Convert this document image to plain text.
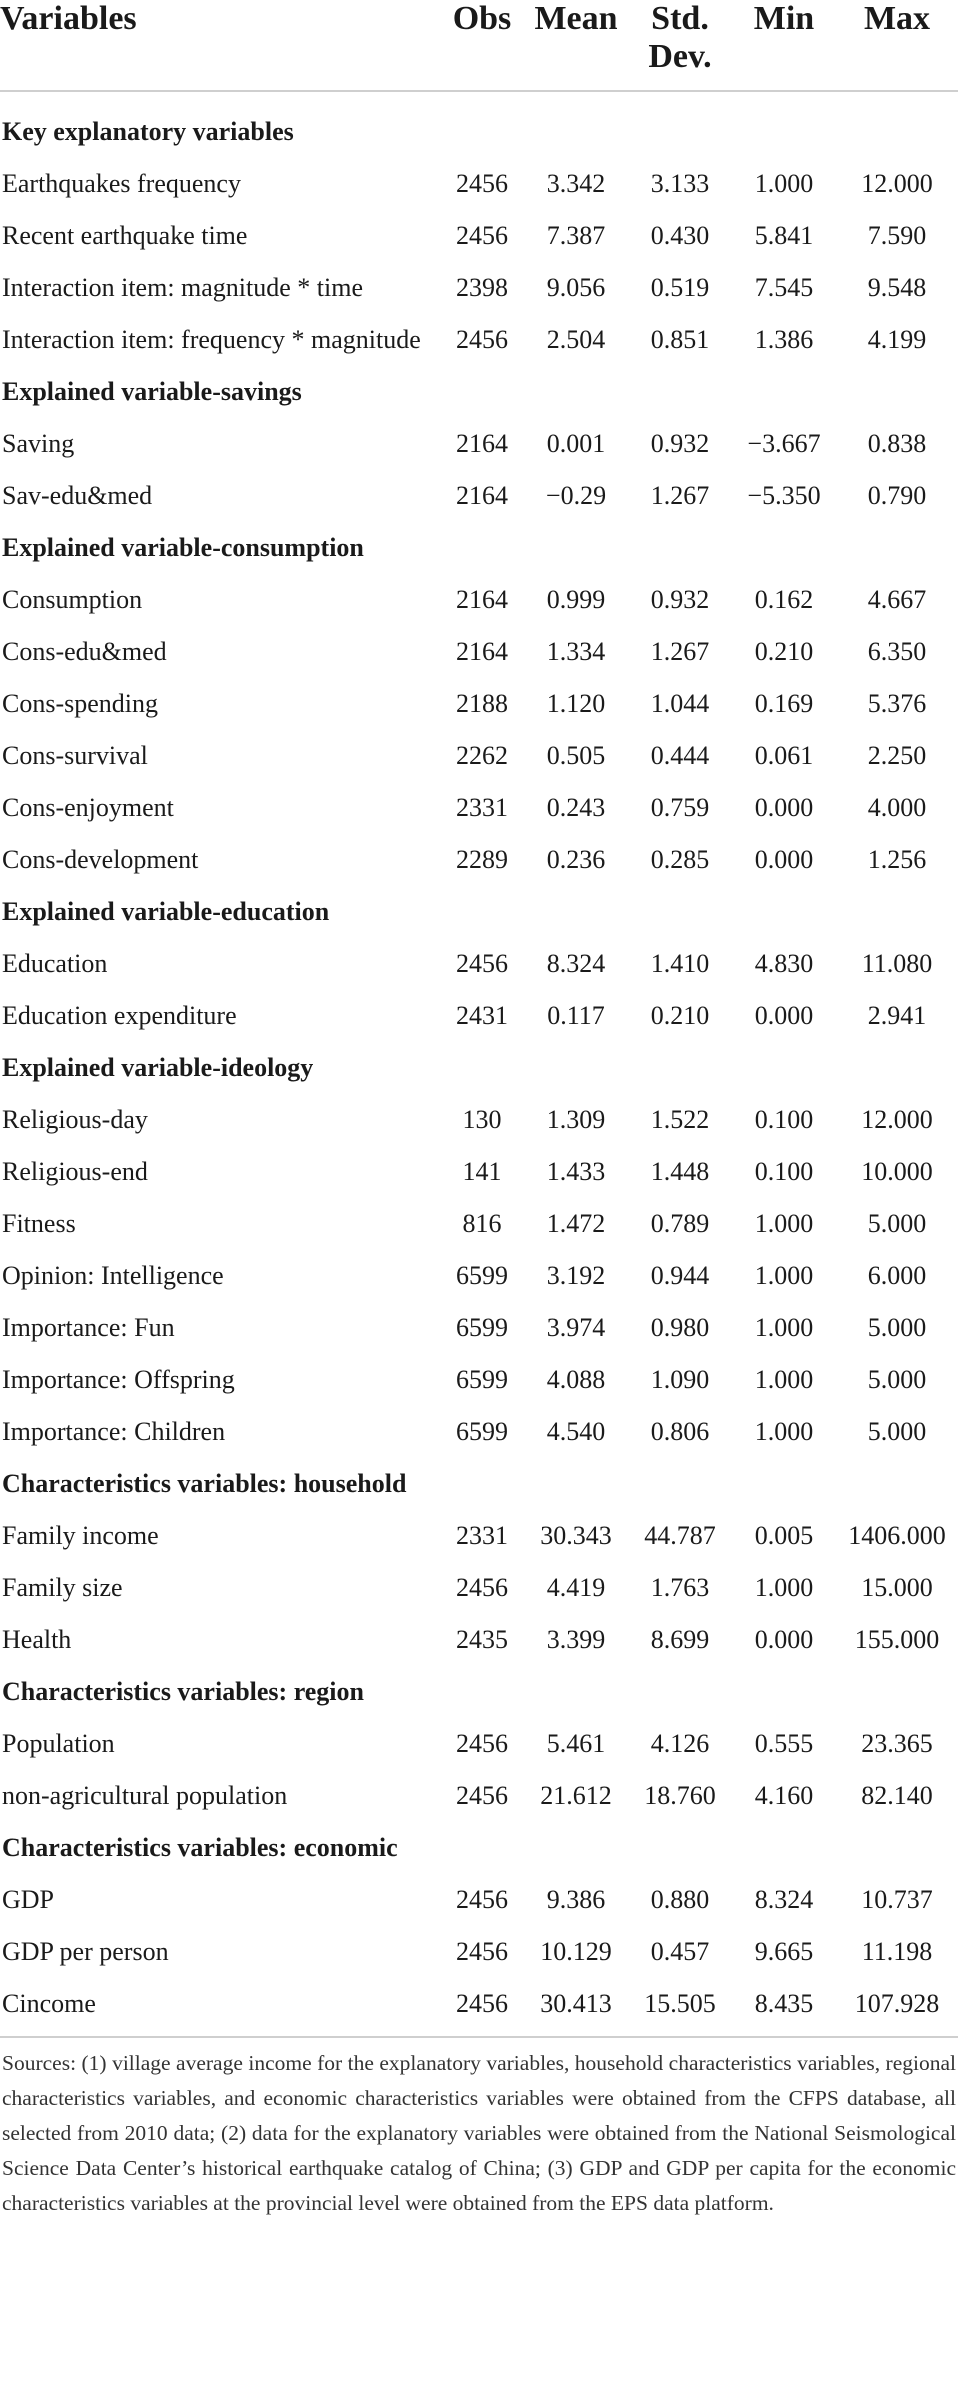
Variables	Obs	Mean	Std. Dev.	Min	Max
Key explanatory variables					
Earthquakes frequency	2456	3.342	3.133	1.000	12.000
Recent earthquake time	2456	7.387	0.430	5.841	7.590
Interaction item: magnitude * time	2398	9.056	0.519	7.545	9.548
Interaction item: frequency * magnitude	2456	2.504	0.851	1.386	4.199
Explained variable-savings					
Saving	2164	0.001	0.932	−3.667	0.838
Sav-edu&med	2164	−0.29	1.267	−5.350	0.790
Explained variable-consumption					
Consumption	2164	0.999	0.932	0.162	4.667
Cons-edu&med	2164	1.334	1.267	0.210	6.350
Cons-spending	2188	1.120	1.044	0.169	5.376
Cons-survival	2262	0.505	0.444	0.061	2.250
Cons-enjoyment	2331	0.243	0.759	0.000	4.000
Cons-development	2289	0.236	0.285	0.000	1.256
Explained variable-education					
Education	2456	8.324	1.410	4.830	11.080
Education expenditure	2431	0.117	0.210	0.000	2.941
Explained variable-ideology					
Religious-day	130	1.309	1.522	0.100	12.000
Religious-end	141	1.433	1.448	0.100	10.000
Fitness	816	1.472	0.789	1.000	5.000
Opinion: Intelligence	6599	3.192	0.944	1.000	6.000
Importance: Fun	6599	3.974	0.980	1.000	5.000
Importance: Offspring	6599	4.088	1.090	1.000	5.000
Importance: Children	6599	4.540	0.806	1.000	5.000
Characteristics variables: household					
Family income	2331	30.343	44.787	0.005	1406.000
Family size	2456	4.419	1.763	1.000	15.000
Health	2435	3.399	8.699	0.000	155.000
Characteristics variables: region					
Population	2456	5.461	4.126	0.555	23.365
non-agricultural population	2456	21.612	18.760	4.160	82.140
Characteristics variables: economic					
GDP	2456	9.386	0.880	8.324	10.737
GDP per person	2456	10.129	0.457	9.665	11.198
Cincome	2456	30.413	15.505	8.435	107.928
Sources: (1) village average income for the explanatory variables, household characteristics variables, regional characteristics variables, and economic characteristics variables were obtained from the CFPS database, all selected from 2010 data; (2) data for the explanatory variables were obtained from the National Seismological Science Data Center’s historical earthquake catalog of China; (3) GDP and GDP per capita for the economic characteristics variables at the provincial level were obtained from the EPS data platform.
